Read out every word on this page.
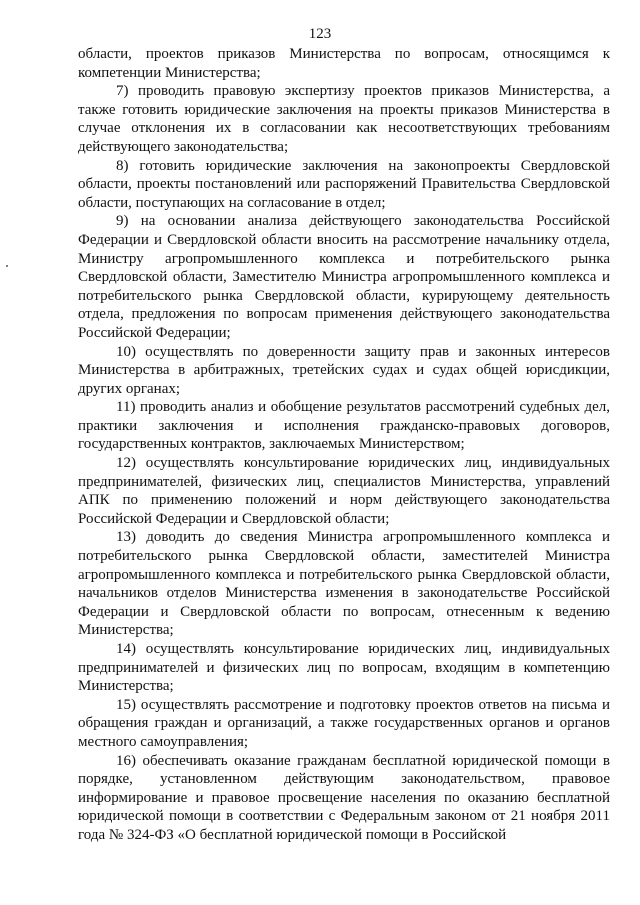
123

области, проектов приказов Министерства по вопросам, относящимся к компетенции Министерства;

7) проводить правовую экспертизу проектов приказов Министерства, а также готовить юридические заключения на проекты приказов Министерства в случае отклонения их в согласовании как несоответствующих требованиям действующего законодательства;

8) готовить юридические заключения на законопроекты Свердловской области, проекты постановлений или распоряжений Правительства Свердловской области, поступающих на согласование в отдел;

9) на основании анализа действующего законодательства Российской Федерации и Свердловской области вносить на рассмотрение начальнику отдела, Министру агропромышленного комплекса и потребительского рынка Свердловской области, Заместителю Министра агропромышленного комплекса и потребительского рынка Свердловской области, курирующему деятельность отдела, предложения по вопросам применения действующего законодательства Российской Федерации;

10) осуществлять по доверенности защиту прав и законных интересов Министерства в арбитражных, третейских судах и судах общей юрисдикции, других органах;

11) проводить анализ и обобщение результатов рассмотрений судебных дел, практики заключения и исполнения гражданско-правовых договоров, государственных контрактов, заключаемых Министерством;

12) осуществлять консультирование юридических лиц, индивидуальных предпринимателей, физических лиц, специалистов Министерства, управлений АПК по применению положений и норм действующего законодательства Российской Федерации и Свердловской области;

13) доводить до сведения Министра агропромышленного комплекса и потребительского рынка Свердловской области, заместителей Министра агропромышленного комплекса и потребительского рынка Свердловской области, начальников отделов Министерства изменения в законодательстве Российской Федерации и Свердловской области по вопросам, отнесенным к ведению Министерства;

14) осуществлять консультирование юридических лиц, индивидуальных предпринимателей и физических лиц по вопросам, входящим в компетенцию Министерства;

15) осуществлять рассмотрение и подготовку проектов ответов на письма и обращения граждан и организаций, а также государственных органов и органов местного самоуправления;

16) обеспечивать оказание гражданам бесплатной юридической помощи в порядке, установленном действующим законодательством, правовое информирование и правовое просвещение населения по оказанию бесплатной юридической помощи в соответствии с Федеральным законом от 21 ноября 2011 года № 324-ФЗ «О бесплатной юридической помощи в Российской
